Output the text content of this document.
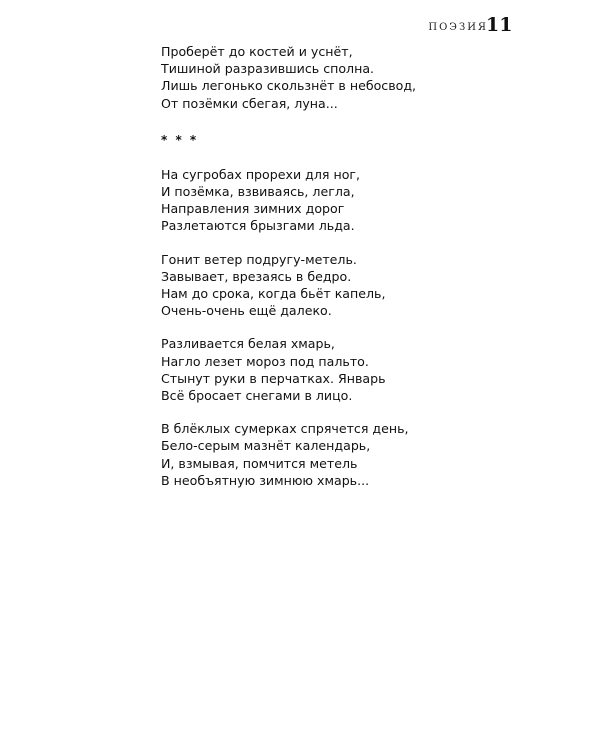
ПОЭЗИЯ
11
Проберёт до костей и уснёт,
Тишиной разразившись сполна.
Лишь легонько скользнёт в небосвод,
От позёмки сбегая, луна...
* * *
На сугробах прорехи для ног,
И позёмка, взвиваясь, легла,
Направления зимних дорог
Разлетаются брызгами льда.
Гонит ветер подругу-метель.
Завывает, врезаясь в бедро.
Нам до срока, когда бьёт капель,
Очень-очень ещё далеко.
Разливается белая хмарь,
Нагло лезет мороз под пальто.
Стынут руки в перчатках. Январь
Всё бросает снегами в лицо.
В блёклых сумерках спрячется день,
Бело-серым мазнёт календарь,
И, взмывая, помчится метель
В необъятную зимнюю хмарь...
